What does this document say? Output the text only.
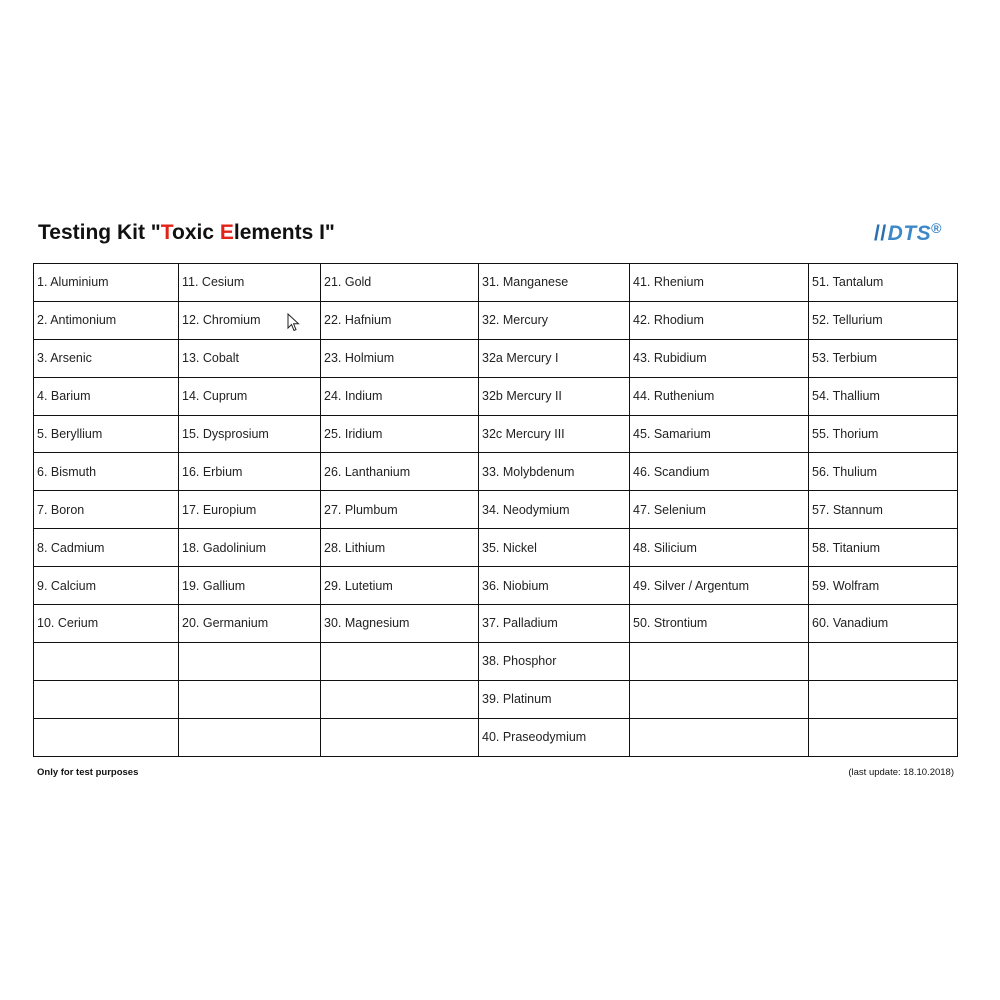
Testing Kit "Toxic Elements I"	//DTS®
1. Aluminium	11. Cesium	21. Gold	31. Manganese	41. Rhenium	51. Tantalum
2. Antimonium	12. Chromium	22. Hafnium	32. Mercury	42. Rhodium	52. Tellurium
3. Arsenic	13. Cobalt	23. Holmium	32a Mercury I	43. Rubidium	53. Terbium
4. Barium	14. Cuprum	24. Indium	32b Mercury II	44. Ruthenium	54. Thallium
5. Beryllium	15. Dysprosium	25. Iridium	32c Mercury III	45. Samarium	55. Thorium
6. Bismuth	16. Erbium	26. Lanthanium	33. Molybdenum	46. Scandium	56. Thulium
7. Boron	17. Europium	27. Plumbum	34. Neodymium	47. Selenium	57. Stannum
8. Cadmium	18. Gadolinium	28. Lithium	35. Nickel	48. Silicium	58. Titanium
9. Calcium	19. Gallium	29. Lutetium	36. Niobium	49. Silver / Argentum	59. Wolfram
10. Cerium	20. Germanium	30. Magnesium	37. Palladium	50. Strontium	60. Vanadium
			38. Phosphor		
			39. Platinum		
			40. Praseodymium		
Only for test purposes	(last update: 18.10.2018)
